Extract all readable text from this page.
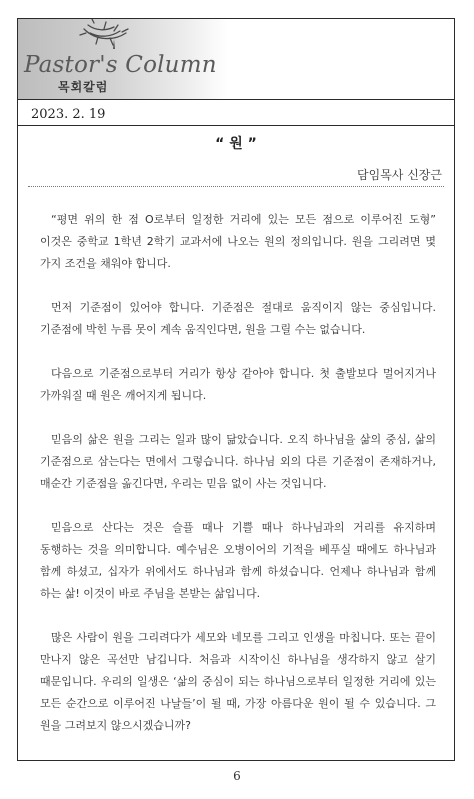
Pastor's Column
목회칼럼
2023. 2. 19
“ 원 ”
담임목사 신장근

“평면 위의 한 점 O로부터 일정한 거리에 있는 모든 점으로 이루어진 도형” 이것은 중학교 1학년 2학기 교과서에 나오는 원의 정의입니다. 원을 그리려면 몇 가지 조건을 채워야 합니다.

먼저 기준점이 있어야 합니다. 기준점은 절대로 움직이지 않는 중심입니다. 기준점에 박힌 누름 못이 계속 움직인다면, 원을 그릴 수는 없습니다.

다음으로 기준점으로부터 거리가 항상 같아야 합니다. 첫 출발보다 멀어지거나 가까워질 때 원은 깨어지게 됩니다.

믿음의 삶은 원을 그리는 일과 많이 닮았습니다. 오직 하나님을 삶의 중심, 삶의 기준점으로 삼는다는 면에서 그렇습니다. 하나님 외의 다른 기준점이 존재하거나, 매순간 기준점을 옮긴다면, 우리는 믿음 없이 사는 것입니다.

믿음으로 산다는 것은 슬플 때나 기쁠 때나 하나님과의 거리를 유지하며 동행하는 것을 의미합니다. 예수님은 오병이어의 기적을 베푸실 때에도 하나님과 함께 하셨고, 십자가 위에서도 하나님과 함께 하셨습니다. 언제나 하나님과 함께 하는 삶! 이것이 바로 주님을 본받는 삶입니다.

많은 사람이 원을 그리려다가 세모와 네모를 그리고 인생을 마칩니다. 또는 끝이 만나지 않은 곡선만 남깁니다. 처음과 시작이신 하나님을 생각하지 않고 살기 때문입니다. 우리의 일생은 ‘삶의 중심이 되는 하나님으로부터 일정한 거리에 있는 모든 순간으로 이루어진 나날들’이 될 때, 가장 아름다운 원이 될 수 있습니다. 그 원을 그려보지 않으시겠습니까?

6
